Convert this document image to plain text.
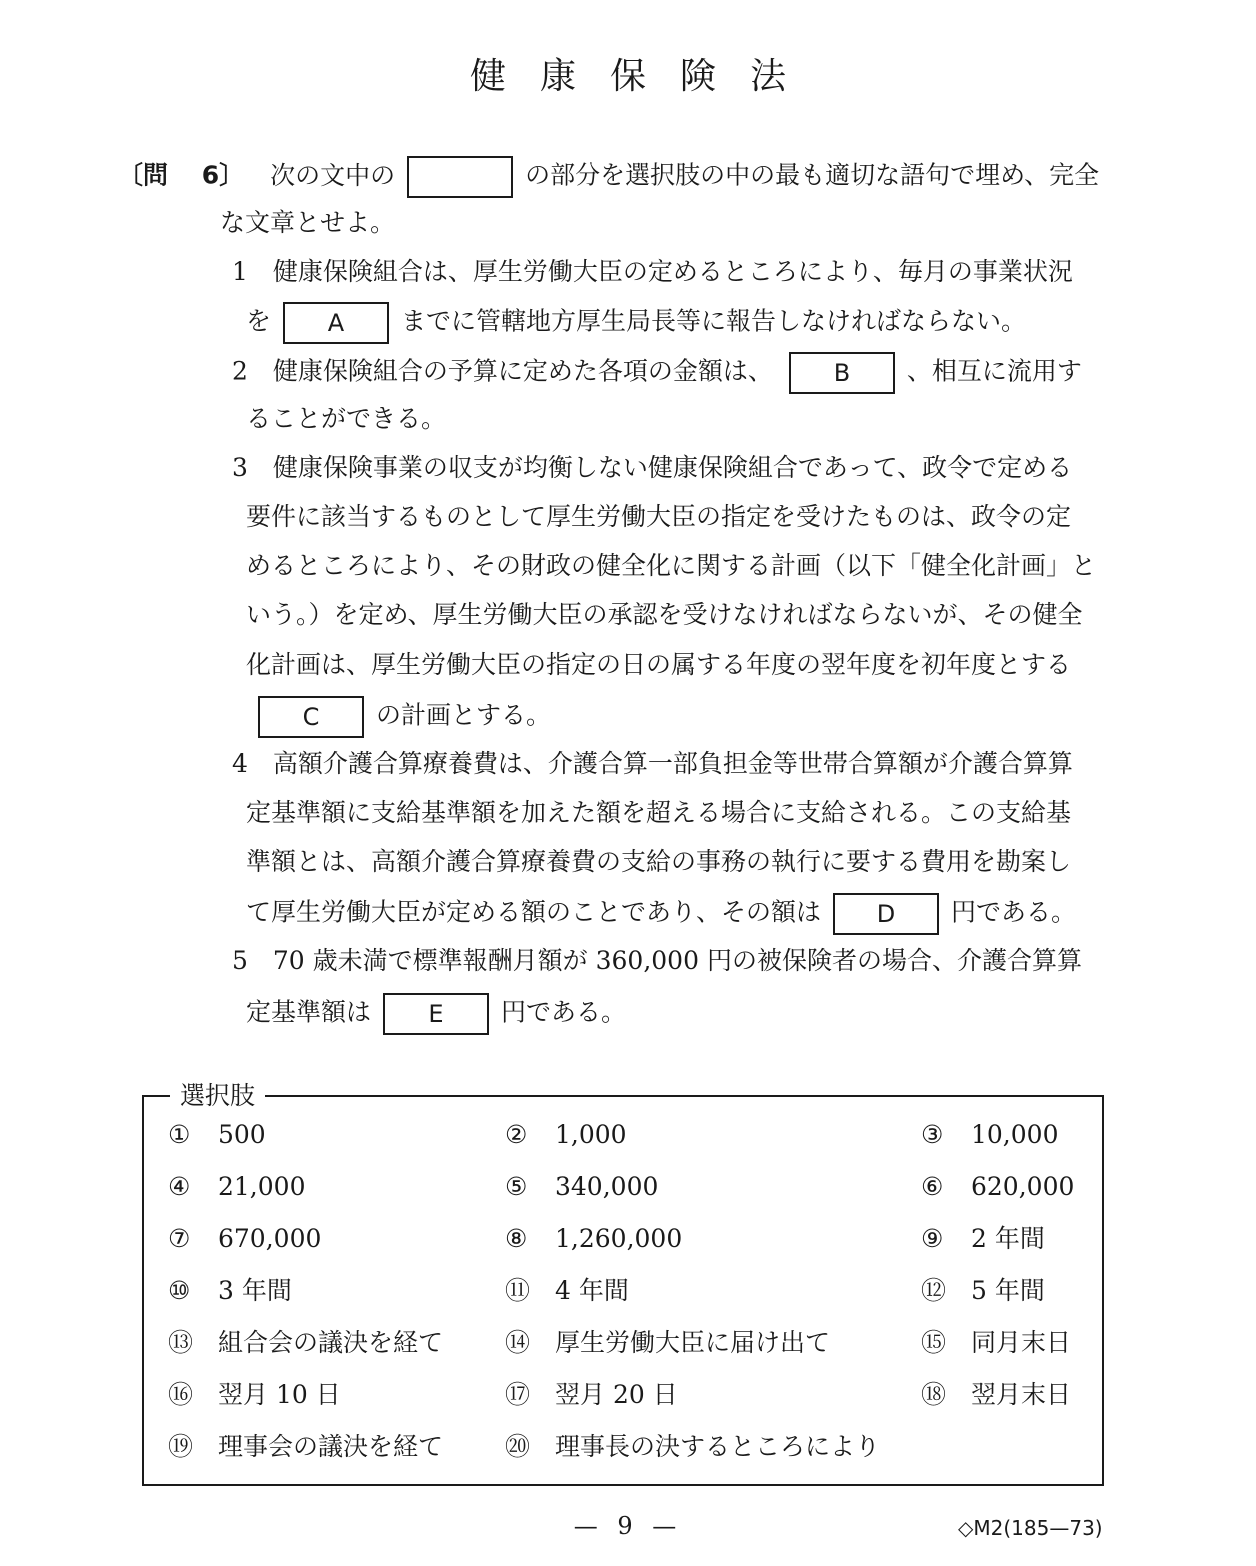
健康保険法
〔問　 6〕 次の文中の	の部分を選択肢の中の最も適切な語句で埋め、完全
な文章とせよ。
1　健康保険組合は、厚生労働大臣の定めるところにより、毎月の事業状況
を A までに管轄地方厚生局長等に報告しなければならない。
2　健康保険組合の予算に定めた各項の金額は、	B 、相互に流用す
ることができる。
3　健康保険事業の収支が均衡しない健康保険組合であって、政令で定める
要件に該当するものとして厚生労働大臣の指定を受けたものは、政令の定
めるところにより、その財政の健全化に関する計画（以下「健全化計画」と
いう。）を定め、厚生労働大臣の承認を受けなければならないが、その健全
化計画は、厚生労働大臣の指定の日の属する年度の翌年度を初年度とする
C の計画とする。
4　高額介護合算療養費は、介護合算一部負担金等世帯合算額が介護合算算
定基準額に支給基準額を加えた額を超える場合に支給される。この支給基
準額とは、高額介護合算療養費の支給の事務の執行に要する費用を勘案し
て厚生労働大臣が定める額のことであり、その額は D 円である。
5　70 歳未満で標準報酬月額が 360,000 円の被保険者の場合、介護合算算
定基準額は E 円である。
選択肢
① 500	② 1,000	③ 10,000
④ 21,000	⑤ 340,000	⑥ 620,000
⑦ 670,000	⑧ 1,260,000	⑨ 2 年間
⑩ 3 年間	⑪ 4 年間	⑫ 5 年間
⑬ 組合会の議決を経て ⑭ 厚生労働大臣に届け出て	⑮ 同月末日
⑯ 翌月 10 日	⑰ 翌月 20 日	⑱ 翌月末日
⑲ 理事会の議決を経て ⑳ 理事長の決するところにより
— 9 —	◇M2(185—73)
